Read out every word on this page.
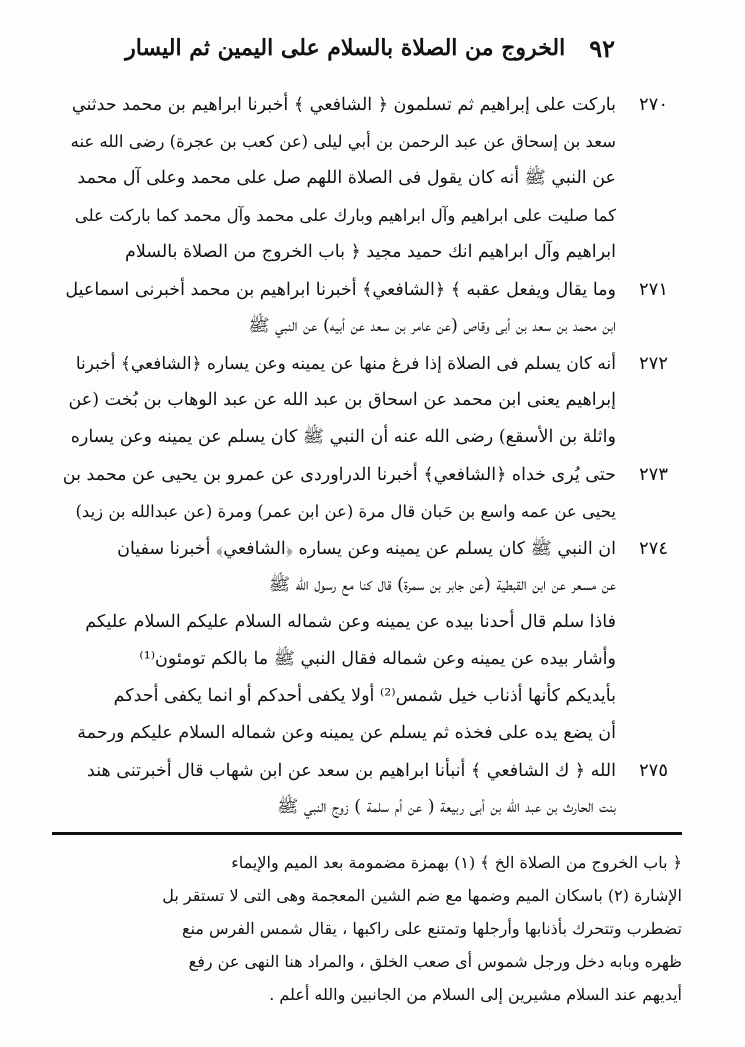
٩٢
الخروج من الصلاة بالسلام على اليمين ثم اليسار
٢٧٠
باركت على إبراهيم ثم تسلمون ﴿ الشافعي ﴾ أخبرنا ابراهيم بن محمد حدثني
سعد بن إسحاق عن عبد الرحمن بن أبي ليلى (عن كعب بن عجرة) رضى الله عنه
عن النبي ﷺ أنه كان يقول فى الصلاة اللهم صل على محمد وعلى آل محمد
كما صليت على ابراهيم وآل ابراهيم وبارك على محمد وآل محمد كما باركت على
ابراهيم وآل ابراهيم انك حميد مجيد ﴿ باب الخروج من الصلاة بالسلام
٢٧١
وما يقال ويفعل عقبه ﴾ ﴿الشافعي﴾ أخبرنا ابراهيم بن محمد أخبرنى اسماعيل
ابن محمد بن سعد بن أبى وقاص (عن عامر بن سعد عن أبيه) عن النبي ﷺ
٢٧٢
أنه كان يسلم فى الصلاة إذا فرغ منها عن يمينه وعن يساره ﴿الشافعي﴾ أخبرنا
إبراهيم يعنى ابن محمد عن اسحاق بن عبد الله عن عبد الوهاب بن بُخت (عن
واثلة بن الأسقع) رضى الله عنه أن النبي ﷺ كان يسلم عن يمينه وعن يساره
٢٧٣
حتى يُرى خداه ﴿الشافعي﴾ أخبرنا الدراوردى عن عمرو بن يحيى عن محمد بن
يحيى عن عمه واسع بن حَبان قال مرة (عن ابن عمر) ومرة (عن عبدالله بن زيد)
٢٧٤
ان النبي ﷺ كان يسلم عن يمينه وعن يساره ﴿الشافعي﴾ أخبرنا سفيان
عن مسعر عن ابن القبطية (عن جابر بن سمرة) قال كنا مع رسول الله ﷺ
فاذا سلم قال أحدنا بيده عن يمينه وعن شماله السلام عليكم السلام عليكم
وأشار بيده عن يمينه وعن شماله فقال النبي ﷺ ما بالكم تومئون⁽¹⁾
بأيديكم كأنها أذناب خيل شمس⁽²⁾ أولا يكفى أحدكم أو انما يكفى أحدكم
أن يضع يده على فخذه ثم يسلم عن يمينه وعن شماله السلام عليكم ورحمة
٢٧٥
الله ﴿ ك الشافعي ﴾ أنبأنا ابراهيم بن سعد عن ابن شهاب قال أخبرتنى هند
بنت الحارث بن عبد الله بن أبى ربيعة ( عن أم سلمة ) زوج النبي ﷺ
﴿ باب الخروج من الصلاة الخ ﴾ (١) بهمزة مضمومة بعد الميم والإيماء
الإشارة (٢) باسكان الميم وضمها مع ضم الشين المعجمة وهى التى لا تستقر بل
تضطرب وتتحرك بأذنابها وأرجلها وتمتنع على راكبها ، يقال شمس الفرس منع
ظهره وبابه دخل ورجل شموس أى صعب الخلق ، والمراد هنا النهى عن رفع
أيديهم عند السلام مشيرين إلى السلام من الجانبين والله أعلم .
